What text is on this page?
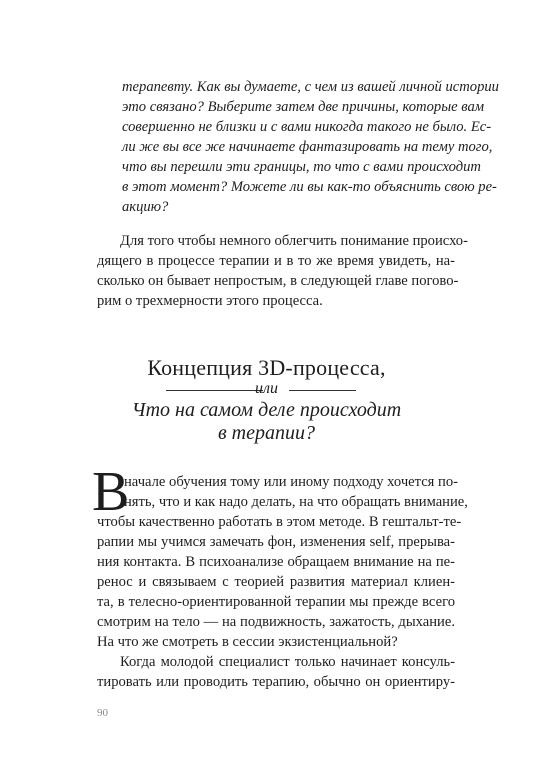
терапевту. Как вы думаете, с чем из вашей личной истории
это связано? Выберите затем две причины, которые вам
совершенно не близки и с вами никогда такого не было. Ес-
ли же вы все же начинаете фантазировать на тему того,
что вы перешли эти границы, то что с вами происходит
в этот момент? Можете ли вы как-то объяснить свою ре-
акцию?
Для того чтобы немного облегчить понимание происхо-
дящего в процессе терапии и в то же время увидеть, на-
сколько он бывает непростым, в следующей главе погово-
рим о трехмерности этого процесса.
Концепция 3D-процесса,
или
Что на самом деле происходит
в терапии?
В
начале обучения тому или иному подходу хочется по-
нять, что и как надо делать, на что обращать внимание,
чтобы качественно работать в этом методе. В гештальт-те-
рапии мы учимся замечать фон, изменения self, прерыва-
ния контакта. В психоанализе обращаем внимание на пе-
ренос и связываем с теорией развития материал клиен-
та, в телесно-ориентированной терапии мы прежде всего
смотрим на тело — на подвижность, зажатость, дыхание.
На что же смотреть в сессии экзистенциальной?
Когда молодой специалист только начинает консуль-
тировать или проводить терапию, обычно он ориентиру-
90
